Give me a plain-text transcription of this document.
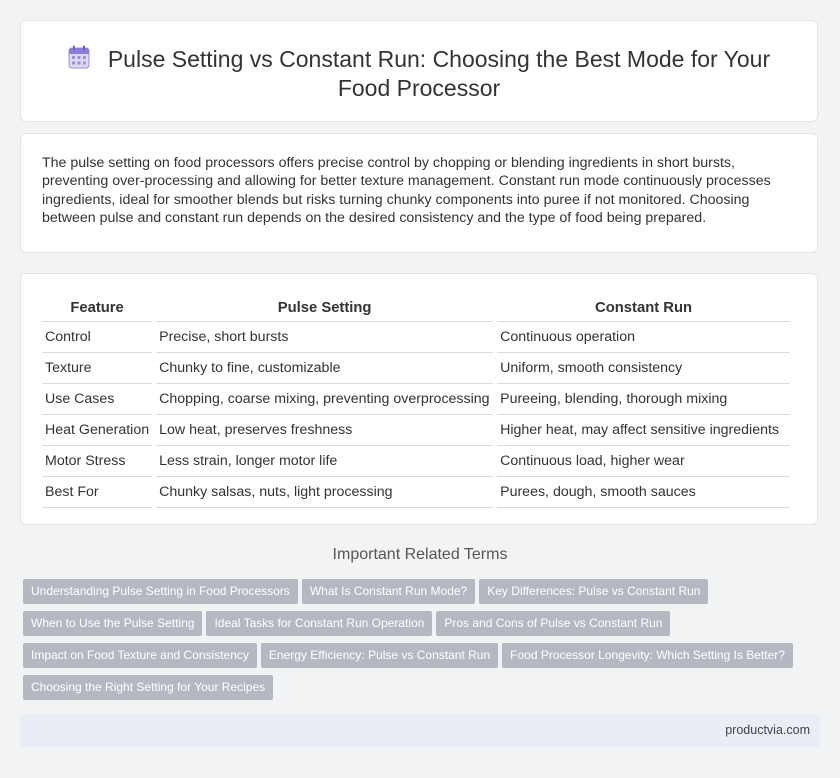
Pulse Setting vs Constant Run: Choosing the Best Mode for Your Food Processor
The pulse setting on food processors offers precise control by chopping or blending ingredients in short bursts, preventing over-processing and allowing for better texture management. Constant run mode continuously processes ingredients, ideal for smoother blends but risks turning chunky components into puree if not monitored. Choosing between pulse and constant run depends on the desired consistency and the type of food being prepared.
Feature	Pulse Setting	Constant Run
Control	Precise, short bursts	Continuous operation
Texture	Chunky to fine, customizable	Uniform, smooth consistency
Use Cases	Chopping, coarse mixing, preventing overprocessing	Pureeing, blending, thorough mixing
Heat Generation	Low heat, preserves freshness	Higher heat, may affect sensitive ingredients
Motor Stress	Less strain, longer motor life	Continuous load, higher wear
Best For	Chunky salsas, nuts, light processing	Purees, dough, smooth sauces
Important Related Terms
Understanding Pulse Setting in Food Processors What Is Constant Run Mode? Key Differences: Pulse vs Constant Run
When to Use the Pulse Setting Ideal Tasks for Constant Run Operation Pros and Cons of Pulse vs Constant Run
Impact on Food Texture and Consistency Energy Efficiency: Pulse vs Constant Run Food Processor Longevity: Which Setting Is Better?
Choosing the Right Setting for Your Recipes
productvia.com
